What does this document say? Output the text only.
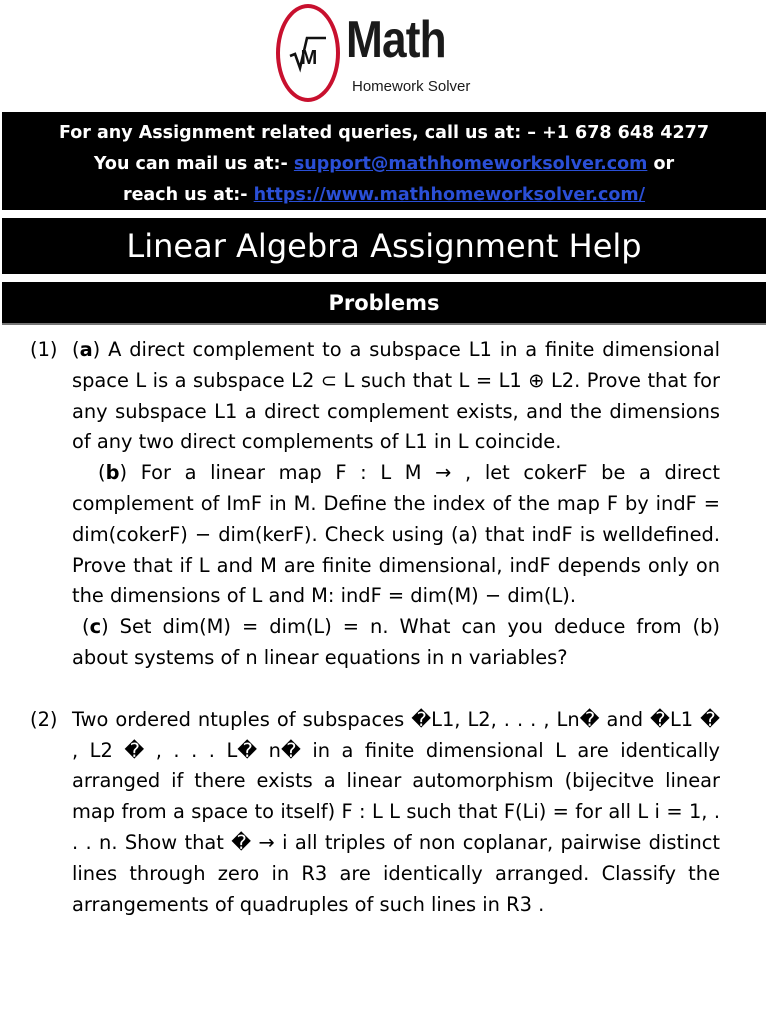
M Math
Homework Solver
For any Assignment related queries, call us at: – +1 678 648 4277
You can mail us at:- support@mathhomeworksolver.com or
reach us at:- https://www.mathhomeworksolver.com/
Linear Algebra Assignment Help
Problems
(1) (a) A direct complement to a subspace L1 in a finite dimensional space L is a subspace L2 ⊂ L such that L = L1 ⊕ L2. Prove that for any subspace L1 a direct complement exists, and the dimensions of any two direct complements of L1 in L coincide.
(b) For a linear map F : L M → , let cokerF be a direct complement of ImF in M. Define the index of the map F by indF = dim(cokerF) − dim(kerF). Check using (a) that indF is welldefined. Prove that if L and M are finite dimensional, indF depends only on the dimensions of L and M: indF = dim(M) − dim(L).
(c) Set dim(M) = dim(L) = n. What can you deduce from (b) about systems of n linear equations in n variables?
(2) Two ordered ntuples of subspaces �L1, L2, . . . , Ln� and �L1 � , L2 � , . . . L� n� in a finite dimensional L are identically arranged if there exists a linear automorphism (bijecitve linear map from a space to itself) F : L L such that F(Li) = for all L i = 1, . . . n. Show that � → i all triples of non coplanar, pairwise distinct lines through zero in R3 are identically arranged. Classify the arrangements of quadruples of such lines in R3 .
